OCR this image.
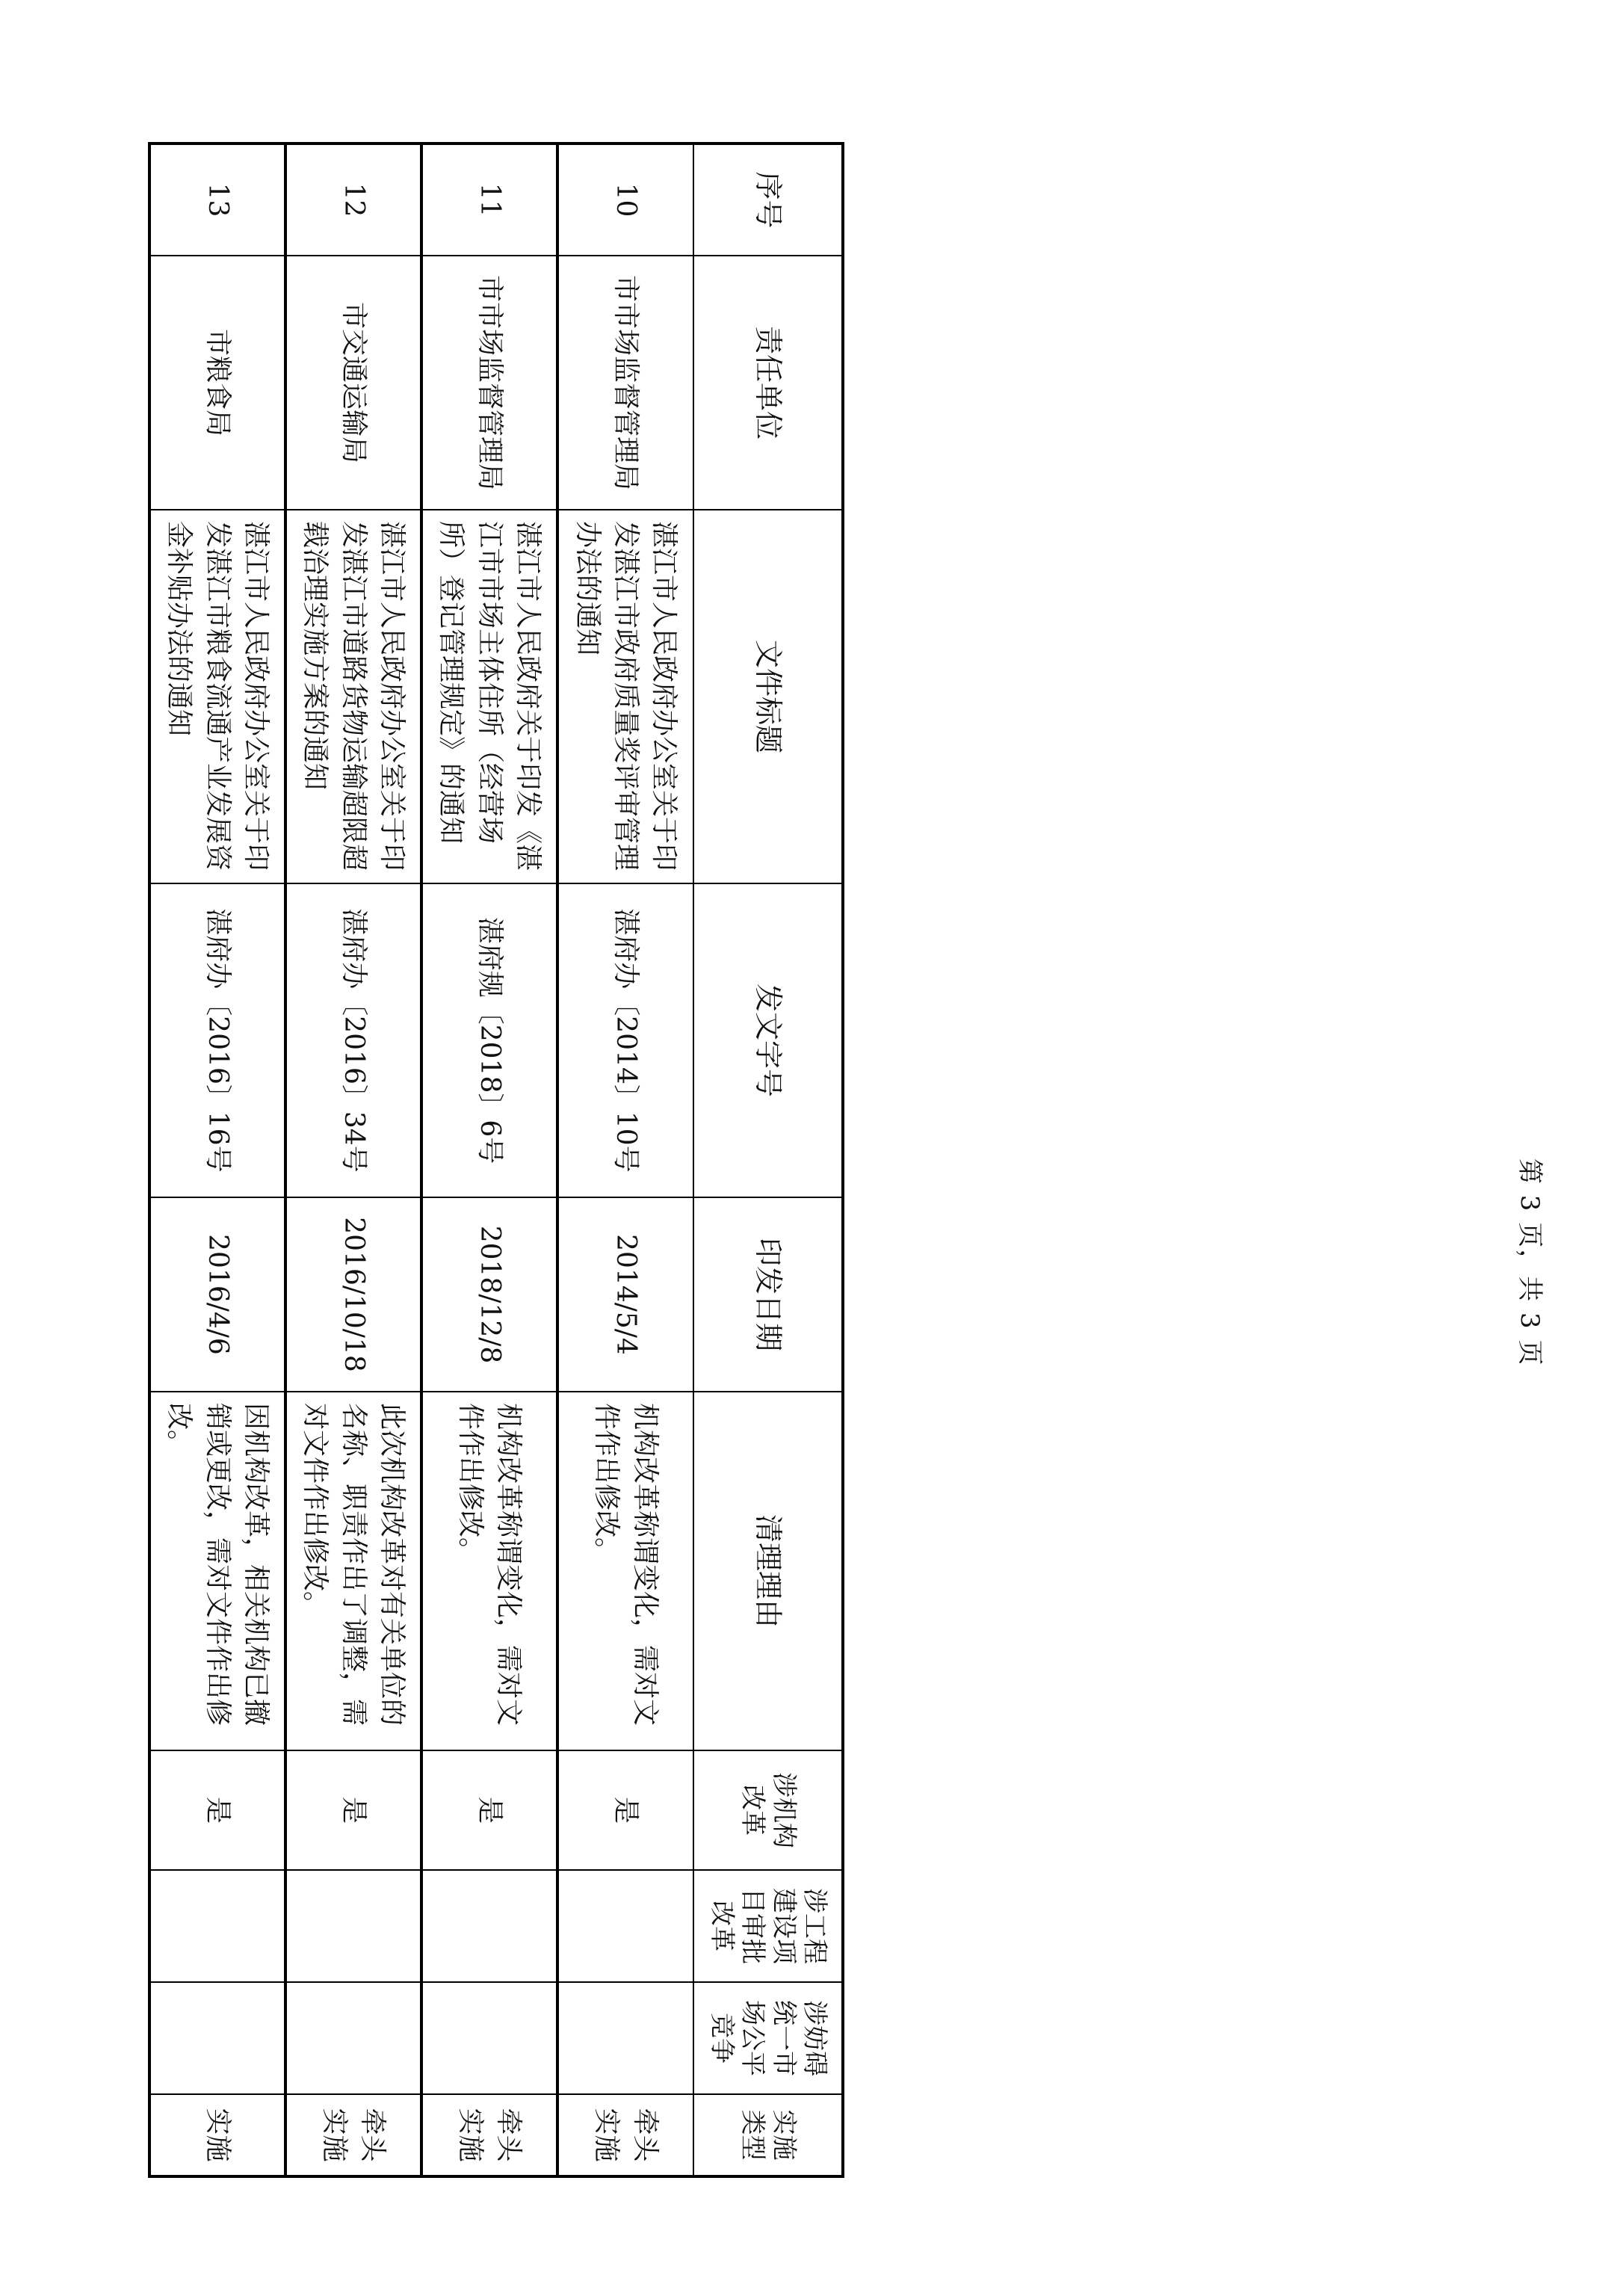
序号	责任单位	文件标题	发文字号	印发日期	清理理由	涉机构改革	涉工程建设项目审批改革	涉妨碍统一市场公平竞争	实施类型
10	市市场监督管理局	湛江市人民政府办公室关于印发湛江市政府质量奖评审管理办法的通知	湛府办〔2014〕10号	2014/5/4	机构改革称谓变化，需对文件作出修改。	是			牵头实施
11	市市场监督管理局	湛江市人民政府关于印发《湛江市市场主体住所（经营场所）登记管理规定》的通知	湛府规〔2018〕6号	2018/12/8	机构改革称谓变化，需对文件作出修改。	是			牵头实施
12	市交通运输局	湛江市人民政府办公室关于印发湛江市道路货物运输超限超载治理实施方案的通知	湛府办〔2016〕34号	2016/10/18	此次机构改革对有关单位的名称、职责作出了调整，需对文件作出修改。	是			牵头实施
13	市粮食局	湛江市人民政府办公室关于印发湛江市粮食流通产业发展资金补贴办法的通知	湛府办〔2016〕16号	2016/4/6	因机构改革，相关机构已撤销或更改，需对文件作出修改。	是			实施
第 3 页，共 3 页
